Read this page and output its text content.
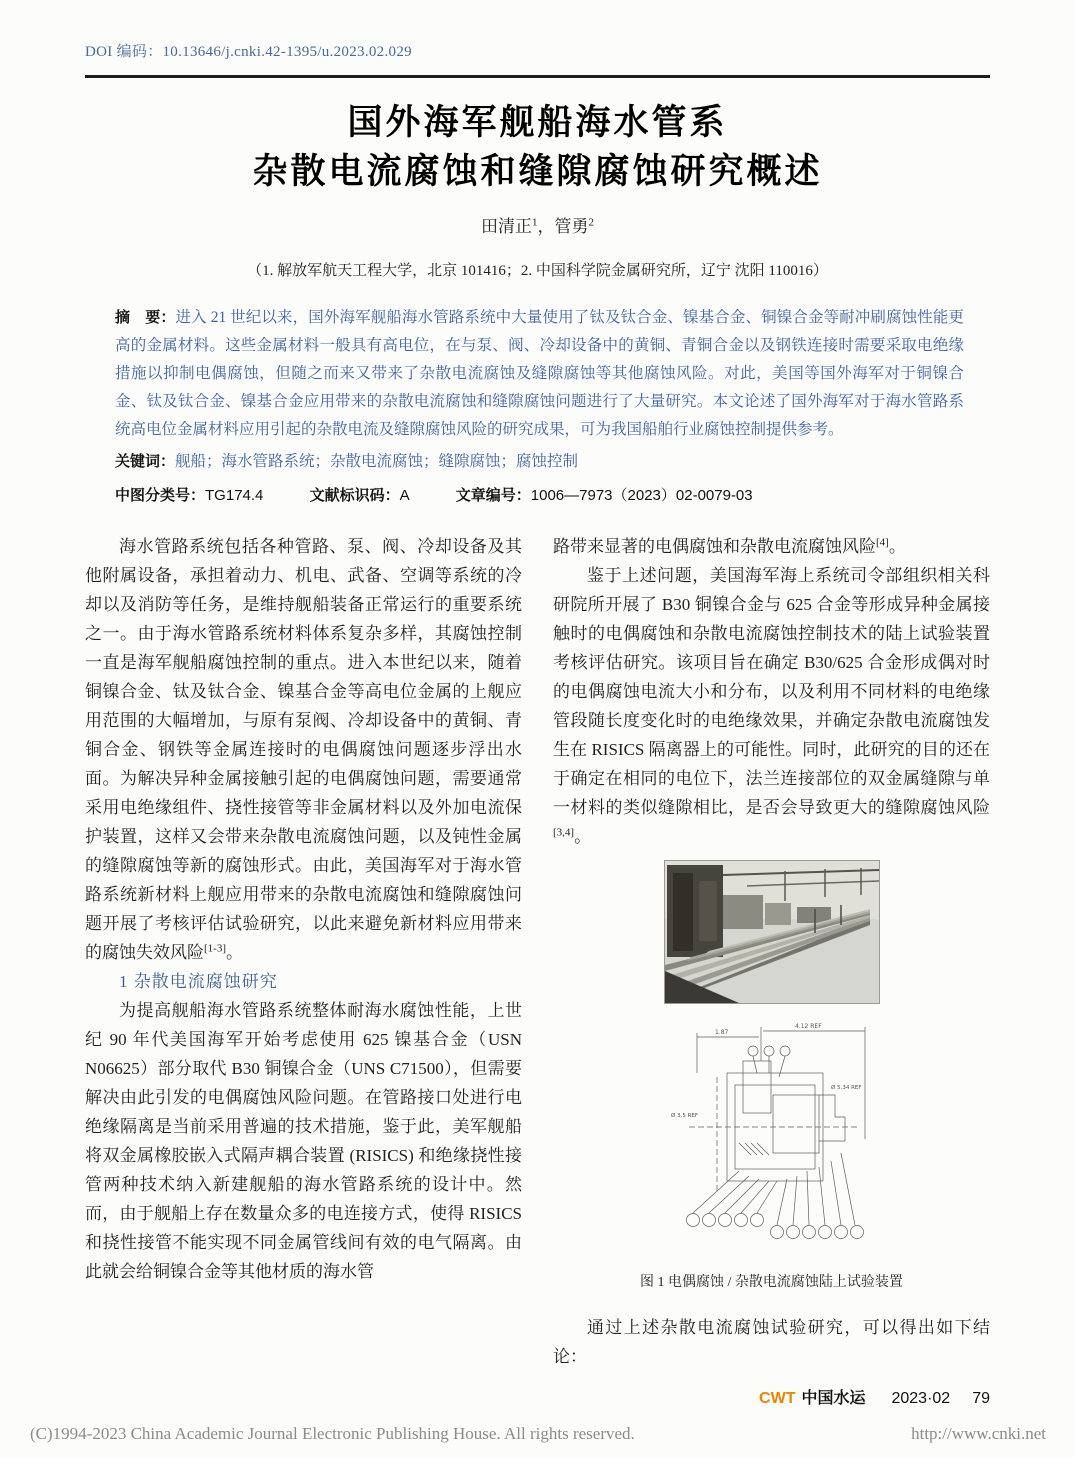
DOI 编码：10.13646/j.cnki.42-1395/u.2023.02.029
国外海军舰船海水管系
杂散电流腐蚀和缝隙腐蚀研究概述
田清正$^1$，管勇$^2$
（1. 解放军航天工程大学，北京 101416；2. 中国科学院金属研究所，辽宁 沈阳 110016）

摘　要：进入 21 世纪以来，国外海军舰船海水管路系统中大量使用了钛及钛合金、镍基合金、铜镍合金等耐冲刷腐蚀性能更高的金属材料。这些金属材料一般具有高电位，在与泵、阀、冷却设备中的黄铜、青铜合金以及钢铁连接时需要采取电绝缘措施以抑制电偶腐蚀，但随之而来又带来了杂散电流腐蚀及缝隙腐蚀等其他腐蚀风险。对此，美国等国外海军对于铜镍合金、钛及钛合金、镍基合金应用带来的杂散电流腐蚀和缝隙腐蚀问题进行了大量研究。本文论述了国外海军对于海水管路系统高电位金属材料应用引起的杂散电流及缝隙腐蚀风险的研究成果，可为我国船舶行业腐蚀控制提供参考。

关键词：舰船；海水管路系统；杂散电流腐蚀；缝隙腐蚀；腐蚀控制

中图分类号：TG174.4	文献标识码：A	文章编号：1006—7973（2023）02-0079-03

海水管路系统包括各种管路、泵、阀、冷却设备及其他附属设备，承担着动力、机电、武备、空调等系统的冷却以及消防等任务，是维持舰船装备正常运行的重要系统之一。由于海水管路系统材料体系复杂多样，其腐蚀控制一直是海军舰船腐蚀控制的重点。进入本世纪以来，随着铜镍合金、钛及钛合金、镍基合金等高电位金属的上舰应用范围的大幅增加，与原有泵阀、冷却设备中的黄铜、青铜合金、钢铁等金属连接时的电偶腐蚀问题逐步浮出水面。为解决异种金属接触引起的电偶腐蚀问题，需要通常采用电绝缘组件、挠性接管等非金属材料以及外加电流保护装置，这样又会带来杂散电流腐蚀问题，以及钝性金属的缝隙腐蚀等新的腐蚀形式。由此，美国海军对于海水管路系统新材料上舰应用带来的杂散电流腐蚀和缝隙腐蚀问题开展了考核评估试验研究，以此来避免新材料应用带来的腐蚀失效风险[1-3]。

1 杂散电流腐蚀研究

为提高舰船海水管路系统整体耐海水腐蚀性能，上世纪 90 年代美国海军开始考虑使用 625 镍基合金（USN N06625）部分取代 B30 铜镍合金（UNS C71500），但需要解决由此引发的电偶腐蚀风险问题。在管路接口处进行电绝缘隔离是当前采用普遍的技术措施，鉴于此，美军舰船将双金属橡胶嵌入式隔声耦合装置 (RISICS) 和绝缘挠性接管两种技术纳入新建舰船的海水管路系统的设计中。然而，由于舰船上存在数量众多的电连接方式，使得 RISICS 和挠性接管不能实现不同金属管线间有效的电气隔离。由此就会给铜镍合金等其他材质的海水管

路带来显著的电偶腐蚀和杂散电流腐蚀风险[4]。

鉴于上述问题，美国海军海上系统司令部组织相关科研院所开展了 B30 铜镍合金与 625 合金等形成异种金属接触时的电偶腐蚀和杂散电流腐蚀控制技术的陆上试验装置考核评估研究。该项目旨在确定 B30/625 合金形成偶对时的电偶腐蚀电流大小和分布，以及利用不同材料的电绝缘管段随长度变化时的电绝缘效果，并确定杂散电流腐蚀发生在 RISICS 隔离器上的可能性。同时，此研究的目的还在于确定在相同的电位下，法兰连接部位的双金属缝隙与单一材料的类似缝隙相比，是否会导致更大的缝隙腐蚀风险[3,4]。

1.87
4.12 REF
Ø 3.5 REF
Ø 5.34 REF

图 1 电偶腐蚀 / 杂散电流腐蚀陆上试验装置

通过上述杂散电流腐蚀试验研究，可以得出如下结论：

CWT 中国水运 2023·02 79
(C)1994-2023 China Academic Journal Electronic Publishing House. All rights reserved.	http://www.cnki.net
